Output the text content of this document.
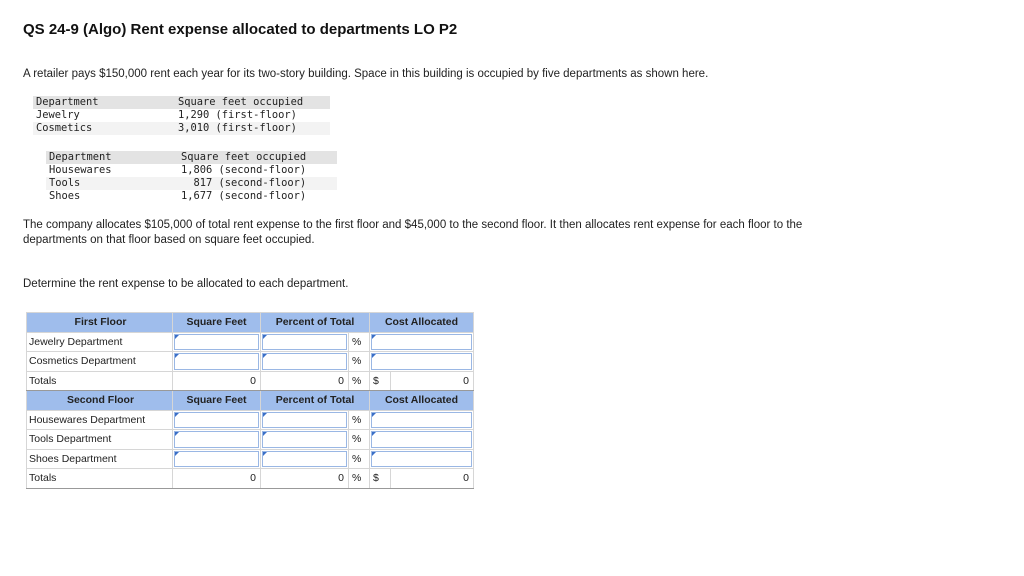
QS 24-9 (Algo) Rent expense allocated to departments LO P2
A retailer pays $150,000 rent each year for its two-story building. Space in this building is occupied by five departments as shown here.
Department	Square feet occupied
Jewelry	1,290 (first-floor)
Cosmetics	3,010 (first-floor)
Department	Square feet occupied
Housewares	1,806 (second-floor)
Tools	817 (second-floor)
Shoes	1,677 (second-floor)
The company allocates $105,000 of total rent expense to the first floor and $45,000 to the second floor. It then allocates rent expense for each floor to the departments on that floor based on square feet occupied.
Determine the rent expense to be allocated to each department.
First Floor	Square Feet	Percent of Total		Cost Allocated	
Jewelry Department			%		

Cosmetics Department			%		

Totals	0	0	%	$	0
Second Floor	Square Feet	Percent of Total		Cost Allocated	
Housewares Department			%		

Tools Department			%		

Shoes Department			%		

Totals	0	0	%	$	0
